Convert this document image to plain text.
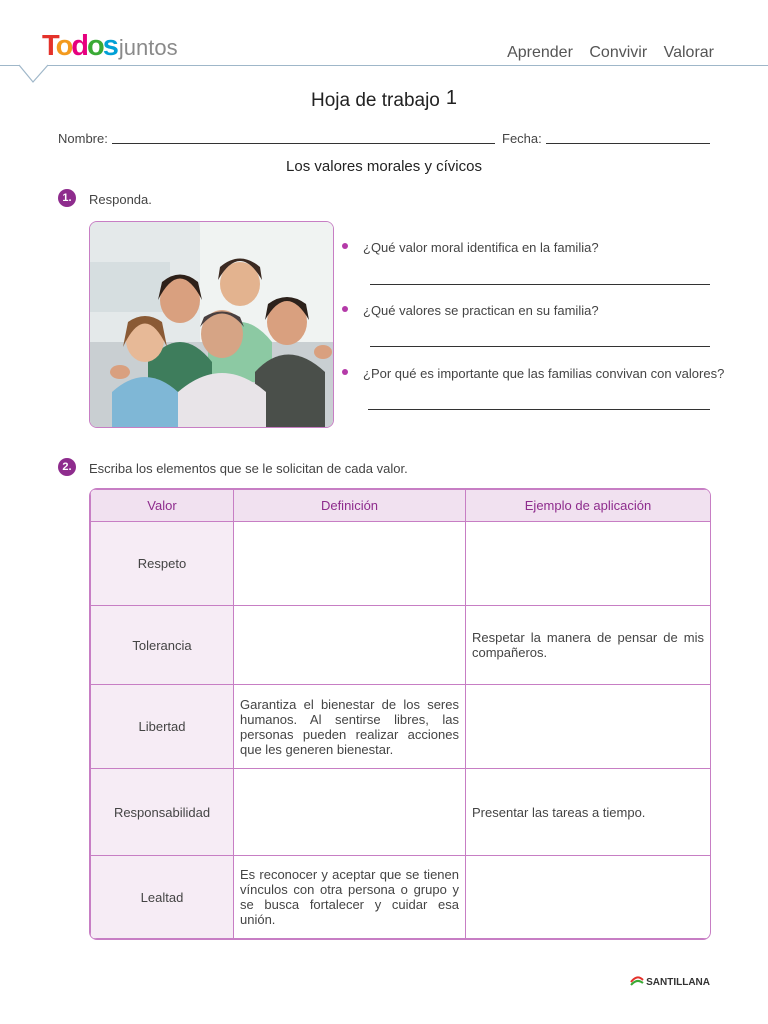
Todosjuntos	Aprender Convivir Valorar
Hoja de trabajo 1
Nombre:	Fecha:
Los valores morales y cívicos
1.	Responda.
¿Qué valor moral identifica en la familia?
¿Qué valores se practican en su familia?
¿Por qué es importante que las familias convivan con valores?
2.	Escriba los elementos que se le solicitan de cada valor.
Valor	Definición	Ejemplo de aplicación
Respeto		
Tolerancia		Respetar la manera de pensar de mis compañeros.
Libertad	Garantiza el bienestar de los seres humanos. Al sentirse libres, las personas pueden realizar acciones que les generen bienestar.	
Responsabilidad		Presentar las tareas a tiempo.
Lealtad	Es reconocer y aceptar que se tienen vínculos con otra persona o grupo y se busca fortalecer y cuidar esa unión.	
SANTILLANA
